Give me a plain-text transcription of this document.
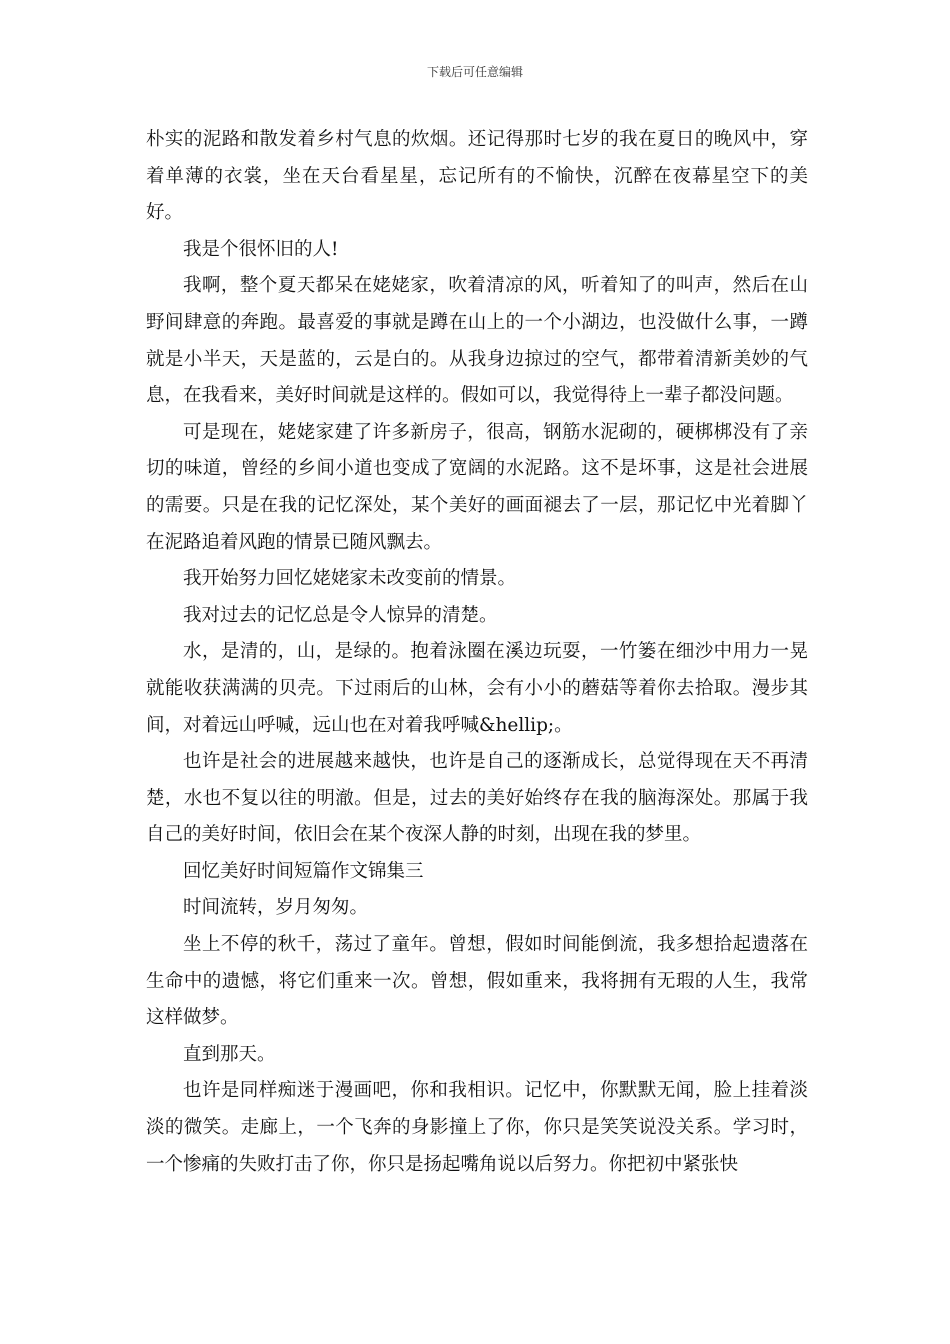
下载后可任意编辑

朴实的泥路和散发着乡村气息的炊烟。还记得那时七岁的我在夏日的晚风中，穿着单薄的衣裳，坐在天台看星星，忘记所有的不愉快，沉醉在夜幕星空下的美好。

我是个很怀旧的人!

我啊，整个夏天都呆在姥姥家，吹着清凉的风，听着知了的叫声，然后在山野间肆意的奔跑。最喜爱的事就是蹲在山上的一个小湖边，也没做什么事，一蹲就是小半天，天是蓝的，云是白的。从我身边掠过的空气，都带着清新美妙的气息，在我看来，美好时间就是这样的。假如可以，我觉得待上一辈子都没问题。

可是现在，姥姥家建了许多新房子，很高，钢筋水泥砌的，硬梆梆没有了亲切的味道，曾经的乡间小道也变成了宽阔的水泥路。这不是坏事，这是社会进展的需要。只是在我的记忆深处，某个美好的画面褪去了一层，那记忆中光着脚丫在泥路追着风跑的情景已随风飘去。

我开始努力回忆姥姥家未改变前的情景。

我对过去的记忆总是令人惊异的清楚。

水，是清的，山，是绿的。抱着泳圈在溪边玩耍，一竹篓在细沙中用力一晃就能收获满满的贝壳。下过雨后的山林，会有小小的蘑菇等着你去拾取。漫步其间，对着远山呼喊，远山也在对着我呼喊&hellip;。

也许是社会的进展越来越快，也许是自己的逐渐成长，总觉得现在天不再清楚，水也不复以往的明澈。但是，过去的美好始终存在我的脑海深处。那属于我自己的美好时间，依旧会在某个夜深人静的时刻，出现在我的梦里。

回忆美好时间短篇作文锦集三

时间流转，岁月匆匆。

坐上不停的秋千，荡过了童年。曾想，假如时间能倒流，我多想拾起遗落在生命中的遗憾，将它们重来一次。曾想，假如重来，我将拥有无瑕的人生，我常这样做梦。

直到那天。

也许是同样痴迷于漫画吧，你和我相识。记忆中，你默默无闻，脸上挂着淡淡的微笑。走廊上，一个飞奔的身影撞上了你，你只是笑笑说没关系。学习时，一个惨痛的失败打击了你，你只是扬起嘴角说以后努力。你把初中紧张快
